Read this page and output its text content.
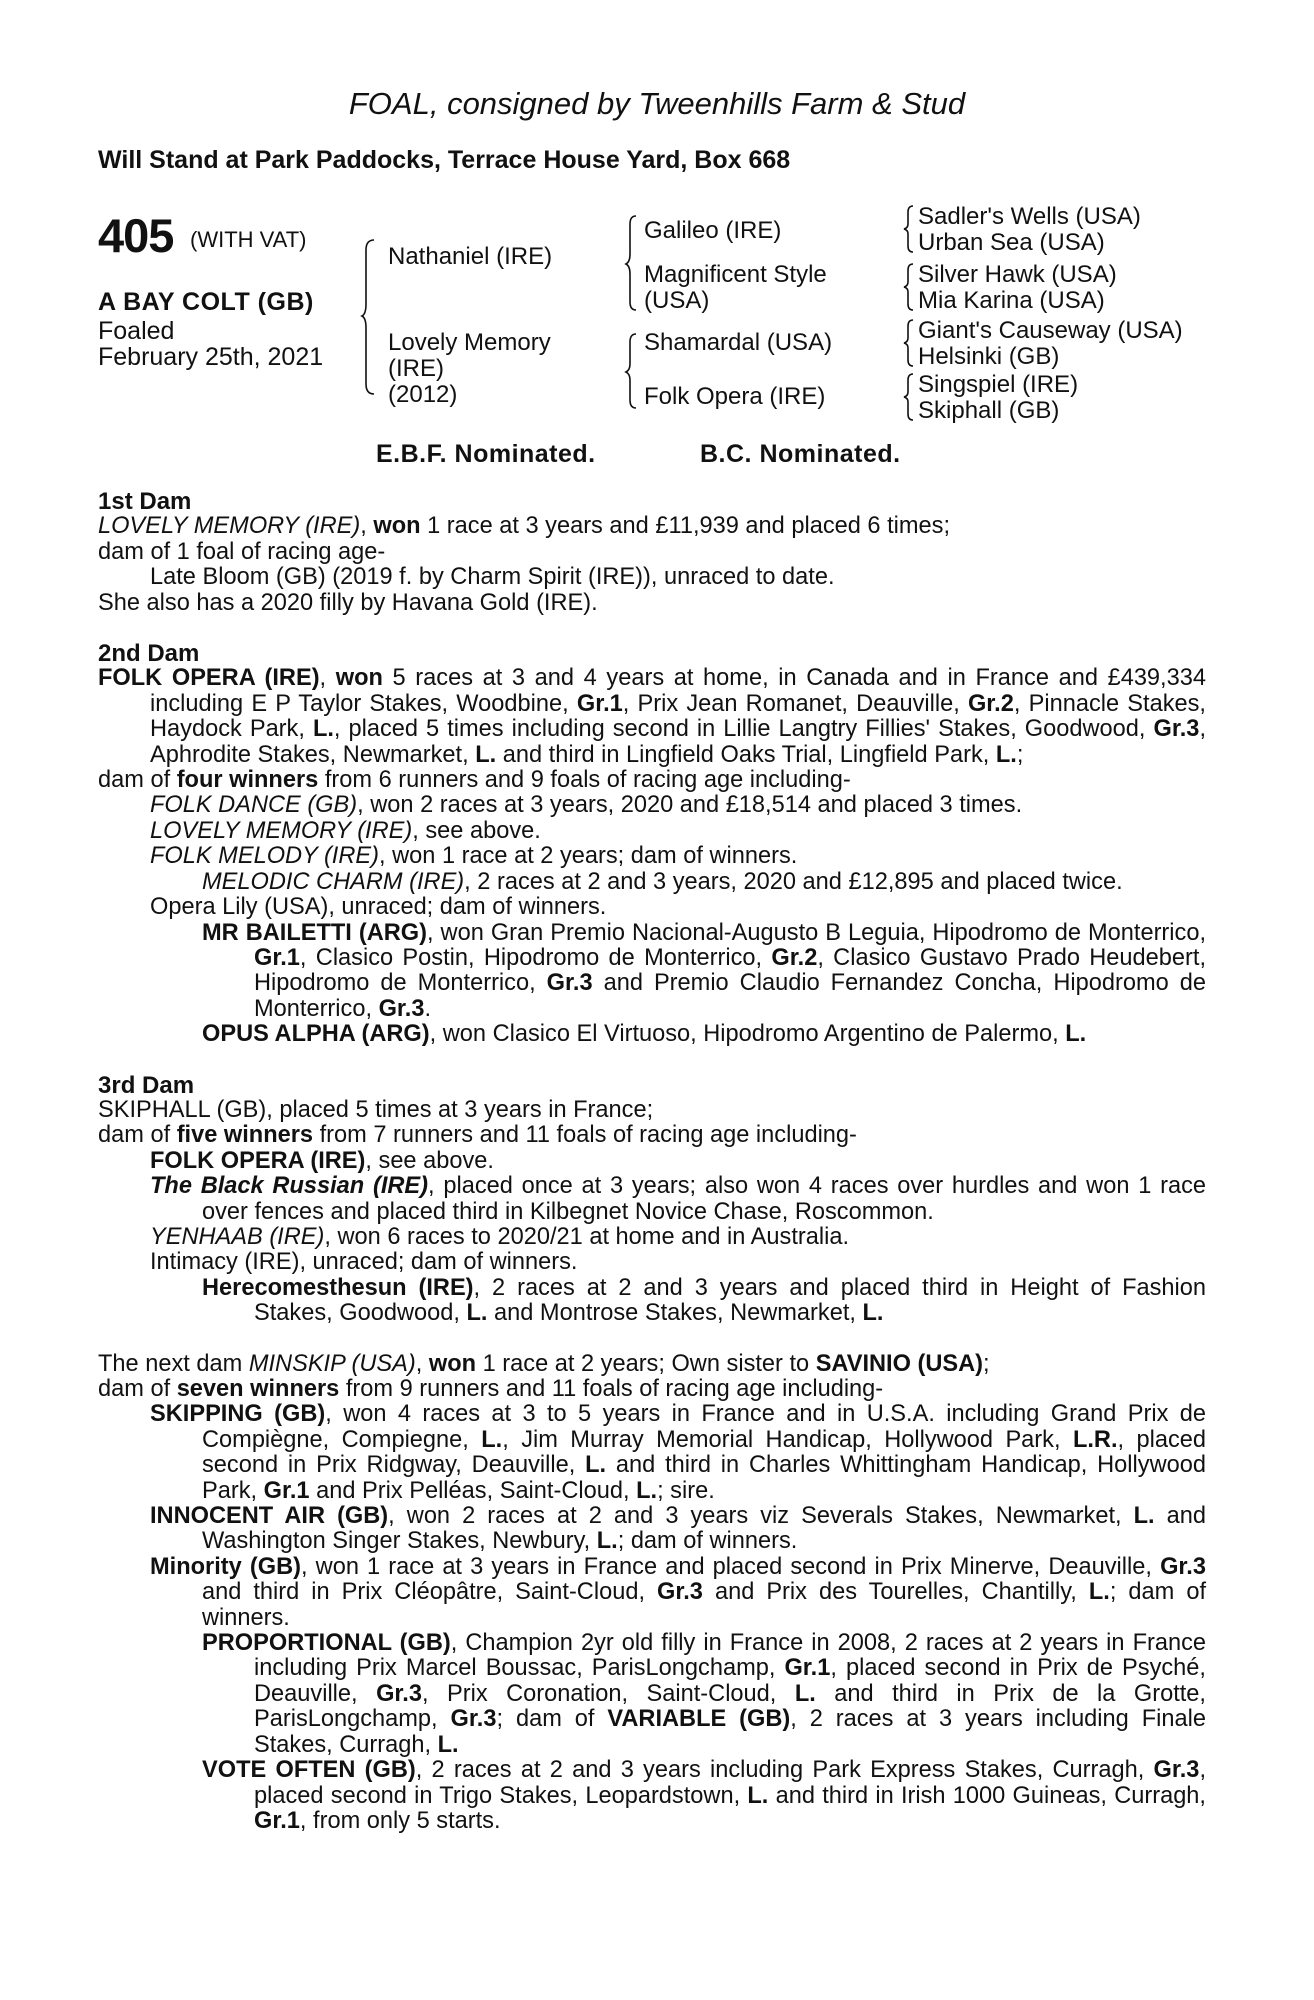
FOAL, consigned by Tweenhills Farm & Stud
Will Stand at Park Paddocks, Terrace House Yard, Box 668
405 (WITH VAT)
A BAY COLT (GB)
Foaled
February 25th, 2021
Nathaniel (IRE)
Lovely Memory
(IRE)
(2012)
Galileo (IRE)
Magnificent Style
(USA)
Shamardal (USA)
Folk Opera (IRE)
Sadler's Wells (USA)
Urban Sea (USA)
Silver Hawk (USA)
Mia Karina (USA)
Giant's Causeway (USA)
Helsinki (GB)
Singspiel (IRE)
Skiphall (GB)
E.B.F. Nominated.	B.C. Nominated.
1st Dam
LOVELY MEMORY (IRE), won 1 race at 3 years and £11,939 and placed 6 times;
dam of 1 foal of racing age-
Late Bloom (GB) (2019 f. by Charm Spirit (IRE)), unraced to date.
She also has a 2020 filly by Havana Gold (IRE).
2nd Dam
FOLK OPERA (IRE), won 5 races at 3 and 4 years at home, in Canada and in France and £439,334 including E P Taylor Stakes, Woodbine, Gr.1, Prix Jean Romanet, Deauville, Gr.2, Pinnacle Stakes, Haydock Park, L., placed 5 times including second in Lillie Langtry Fillies' Stakes, Goodwood, Gr.3, Aphrodite Stakes, Newmarket, L. and third in Lingfield Oaks Trial, Lingfield Park, L.;
dam of four winners from 6 runners and 9 foals of racing age including-
FOLK DANCE (GB), won 2 races at 3 years, 2020 and £18,514 and placed 3 times.
LOVELY MEMORY (IRE), see above.
FOLK MELODY (IRE), won 1 race at 2 years; dam of winners.
MELODIC CHARM (IRE), 2 races at 2 and 3 years, 2020 and £12,895 and placed twice.
Opera Lily (USA), unraced; dam of winners.
MR BAILETTI (ARG), won Gran Premio Nacional-Augusto B Leguia, Hipodromo de Monterrico, Gr.1, Clasico Postin, Hipodromo de Monterrico, Gr.2, Clasico Gustavo Prado Heudebert, Hipodromo de Monterrico, Gr.3 and Premio Claudio Fernandez Concha, Hipodromo de Monterrico, Gr.3.
OPUS ALPHA (ARG), won Clasico El Virtuoso, Hipodromo Argentino de Palermo, L.
3rd Dam
SKIPHALL (GB), placed 5 times at 3 years in France;
dam of five winners from 7 runners and 11 foals of racing age including-
FOLK OPERA (IRE), see above.
The Black Russian (IRE), placed once at 3 years; also won 4 races over hurdles and won 1 race over fences and placed third in Kilbegnet Novice Chase, Roscommon.
YENHAAB (IRE), won 6 races to 2020/21 at home and in Australia.
Intimacy (IRE), unraced; dam of winners.
Herecomesthesun (IRE), 2 races at 2 and 3 years and placed third in Height of Fashion Stakes, Goodwood, L. and Montrose Stakes, Newmarket, L.
The next dam MINSKIP (USA), won 1 race at 2 years; Own sister to SAVINIO (USA);
dam of seven winners from 9 runners and 11 foals of racing age including-
SKIPPING (GB), won 4 races at 3 to 5 years in France and in U.S.A. including Grand Prix de Compiègne, Compiegne, L., Jim Murray Memorial Handicap, Hollywood Park, L.R., placed second in Prix Ridgway, Deauville, L. and third in Charles Whittingham Handicap, Hollywood Park, Gr.1 and Prix Pelléas, Saint-Cloud, L.; sire.
INNOCENT AIR (GB), won 2 races at 2 and 3 years viz Severals Stakes, Newmarket, L. and Washington Singer Stakes, Newbury, L.; dam of winners.
Minority (GB), won 1 race at 3 years in France and placed second in Prix Minerve, Deauville, Gr.3 and third in Prix Cléopâtre, Saint-Cloud, Gr.3 and Prix des Tourelles, Chantilly, L.; dam of winners.
PROPORTIONAL (GB), Champion 2yr old filly in France in 2008, 2 races at 2 years in France including Prix Marcel Boussac, ParisLongchamp, Gr.1, placed second in Prix de Psyché, Deauville, Gr.3, Prix Coronation, Saint-Cloud, L. and third in Prix de la Grotte, ParisLongchamp, Gr.3; dam of VARIABLE (GB), 2 races at 3 years including Finale Stakes, Curragh, L.
VOTE OFTEN (GB), 2 races at 2 and 3 years including Park Express Stakes, Curragh, Gr.3, placed second in Trigo Stakes, Leopardstown, L. and third in Irish 1000 Guineas, Curragh, Gr.1, from only 5 starts.
